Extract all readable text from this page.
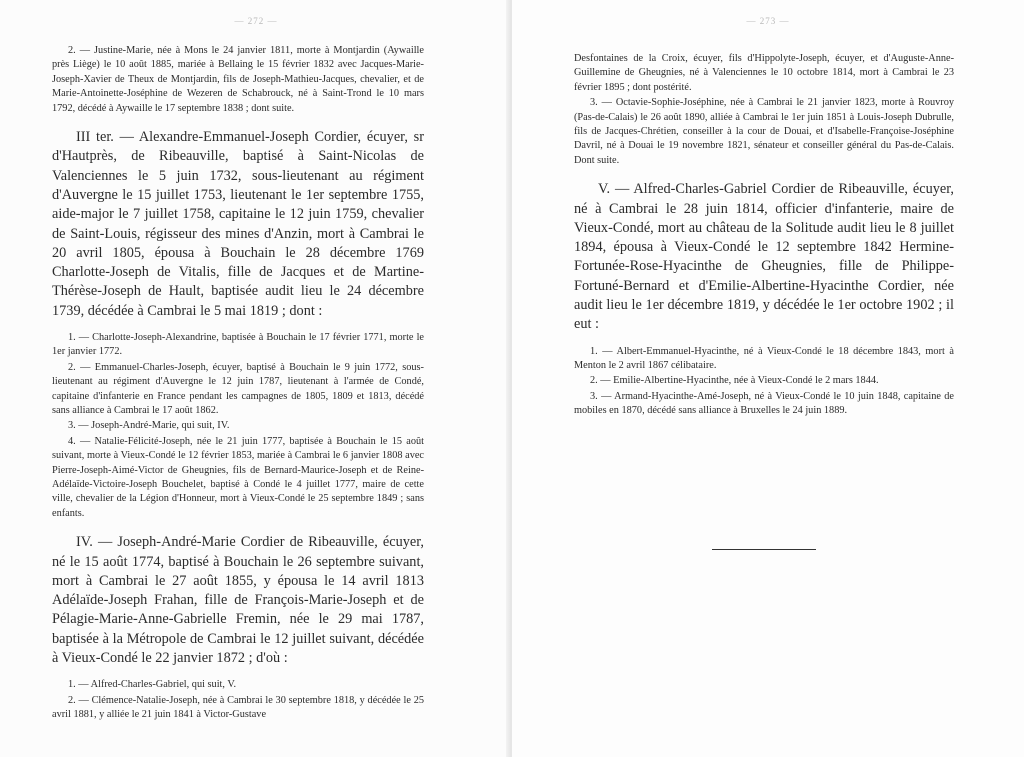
— 272 —	— 273 —

2. — Justine-Marie, née à Mons le 24 janvier 1811, morte à Montjardin (Aywaille près Liège) le 10 août 1885, mariée à Bellaing le 15 février 1832 avec Jacques-Marie-Joseph-Xavier de Theux de Montjardin, fils de Joseph-Mathieu-Jacques, chevalier, et de Marie-Antoinette-Joséphine de Wezeren de Schabrouck, né à Saint-Trond le 10 mars 1792, décédé à Aywaille le 17 septembre 1838 ; dont suite.

III ter. — Alexandre-Emmanuel-Joseph Cordier, écuyer, sr d'Hautprès, de Ribeauville, baptisé à Saint-Nicolas de Valenciennes le 5 juin 1732, sous-lieutenant au régiment d'Auvergne le 15 juillet 1753, lieutenant le 1er septembre 1755, aide-major le 7 juillet 1758, capitaine le 12 juin 1759, chevalier de Saint-Louis, régisseur des mines d'Anzin, mort à Cambrai le 20 avril 1805, épousa à Bouchain le 28 décembre 1769 Charlotte-Joseph de Vitalis, fille de Jacques et de Martine-Thérèse-Joseph de Hault, baptisée audit lieu le 24 décembre 1739, décédée à Cambrai le 5 mai 1819 ; dont :

1. — Charlotte-Joseph-Alexandrine, baptisée à Bouchain le 17 février 1771, morte le 1er janvier 1772.

2. — Emmanuel-Charles-Joseph, écuyer, baptisé à Bouchain le 9 juin 1772, sous-lieutenant au régiment d'Auvergne le 12 juin 1787, lieutenant à l'armée de Condé, capitaine d'infanterie en France pendant les campagnes de 1805, 1809 et 1813, décédé sans alliance à Cambrai le 17 août 1862.

3. — Joseph-André-Marie, qui suit, IV.

4. — Natalie-Félicité-Joseph, née le 21 juin 1777, baptisée à Bouchain le 15 août suivant, morte à Vieux-Condé le 12 février 1853, mariée à Cambrai le 6 janvier 1808 avec Pierre-Joseph-Aimé-Victor de Gheugnies, fils de Bernard-Maurice-Joseph et de Reine-Adélaïde-Victoire-Joseph Bouchelet, baptisé à Condé le 4 juillet 1777, maire de cette ville, chevalier de la Légion d'Honneur, mort à Vieux-Condé le 25 septembre 1849 ; sans enfants.

IV. — Joseph-André-Marie Cordier de Ribeauville, écuyer, né le 15 août 1774, baptisé à Bouchain le 26 septembre suivant, mort à Cambrai le 27 août 1855, y épousa le 14 avril 1813 Adélaïde-Joseph Frahan, fille de François-Marie-Joseph et de Pélagie-Marie-Anne-Gabrielle Fremin, née le 29 mai 1787, baptisée à la Métropole de Cambrai le 12 juillet suivant, décédée à Vieux-Condé le 22 janvier 1872 ; d'où :

1. — Alfred-Charles-Gabriel, qui suit, V.

2. — Clémence-Natalie-Joseph, née à Cambrai le 30 septembre 1818, y décédée le 25 avril 1881, y alliée le 21 juin 1841 à Victor-Gustave

Desfontaines de la Croix, écuyer, fils d'Hippolyte-Joseph, écuyer, et d'Auguste-Anne-Guillemine de Gheugnies, né à Valenciennes le 10 octobre 1814, mort à Cambrai le 23 février 1895 ; dont postérité.

3. — Octavie-Sophie-Joséphine, née à Cambrai le 21 janvier 1823, morte à Rouvroy (Pas-de-Calais) le 26 août 1890, alliée à Cambrai le 1er juin 1851 à Louis-Joseph Dubrulle, fils de Jacques-Chrétien, conseiller à la cour de Douai, et d'Isabelle-Françoise-Joséphine Davril, né à Douai le 19 novembre 1821, sénateur et conseiller général du Pas-de-Calais. Dont suite.

V. — Alfred-Charles-Gabriel Cordier de Ribeauville, écuyer, né à Cambrai le 28 juin 1814, officier d'infanterie, maire de Vieux-Condé, mort au château de la Solitude audit lieu le 8 juillet 1894, épousa à Vieux-Condé le 12 septembre 1842 Hermine-Fortunée-Rose-Hyacinthe de Gheugnies, fille de Philippe-Fortuné-Bernard et d'Emilie-Albertine-Hyacinthe Cordier, née audit lieu le 1er décembre 1819, y décédée le 1er octobre 1902 ; il eut :

1. — Albert-Emmanuel-Hyacinthe, né à Vieux-Condé le 18 décembre 1843, mort à Menton le 2 avril 1867 célibataire.

2. — Emilie-Albertine-Hyacinthe, née à Vieux-Condé le 2 mars 1844.

3. — Armand-Hyacinthe-Amé-Joseph, né à Vieux-Condé le 10 juin 1848, capitaine de mobiles en 1870, décédé sans alliance à Bruxelles le 24 juin 1889.
